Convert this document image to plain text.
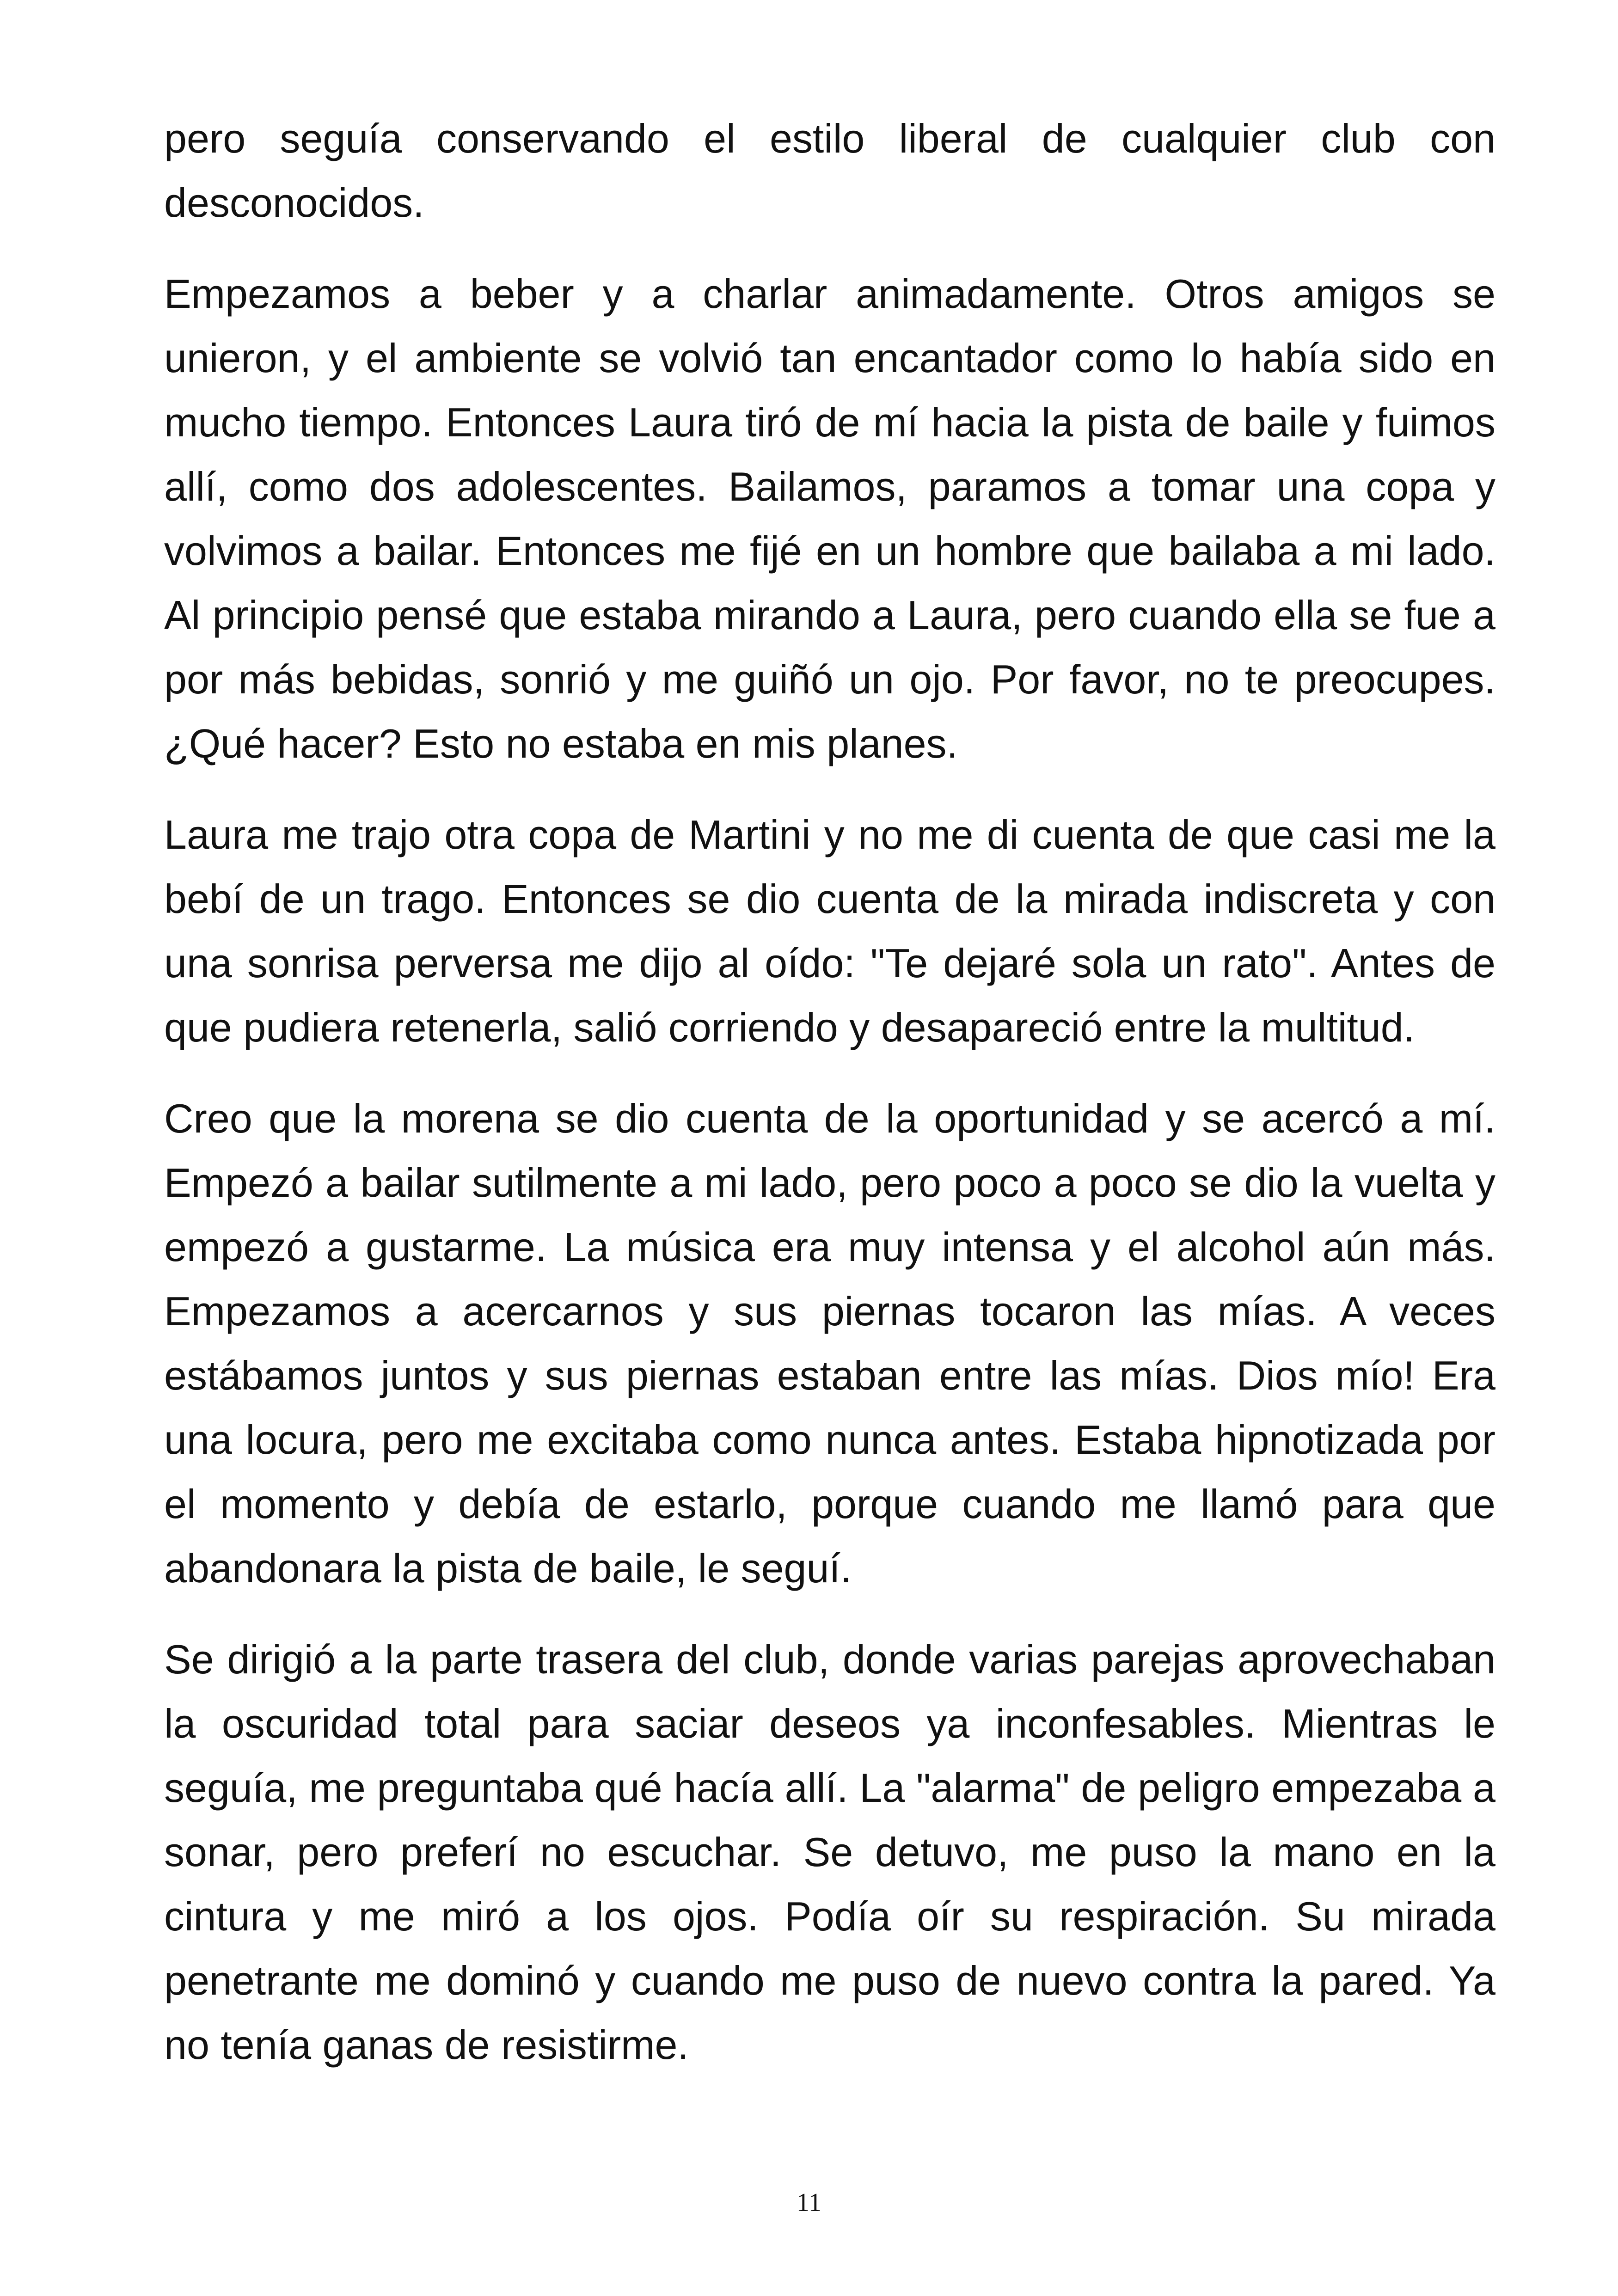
pero seguía conservando el estilo liberal de cualquier club con desconocidos.

Empezamos a beber y a charlar animadamente. Otros amigos se unieron, y el ambiente se volvió tan encantador como lo había sido en mucho tiempo. Entonces Laura tiró de mí hacia la pista de baile y fuimos allí, como dos adolescentes. Bailamos, paramos a tomar una copa y volvimos a bailar. Entonces me fijé en un hombre que bailaba a mi lado. Al principio pensé que estaba mirando a Laura, pero cuando ella se fue a por más bebidas, sonrió y me guiñó un ojo. Por favor, no te preocupes. ¿Qué hacer? Esto no estaba en mis planes.

Laura me trajo otra copa de Martini y no me di cuenta de que casi me la bebí de un trago. Entonces se dio cuenta de la mirada indiscreta y con una sonrisa perversa me dijo al oído: "Te dejaré sola un rato". Antes de que pudiera retenerla, salió corriendo y desapareció entre la multitud.

Creo que la morena se dio cuenta de la oportunidad y se acercó a mí. Empezó a bailar sutilmente a mi lado, pero poco a poco se dio la vuelta y empezó a gustarme. La música era muy intensa y el alcohol aún más. Empezamos a acercarnos y sus piernas tocaron las mías. A veces estábamos juntos y sus piernas estaban entre las mías. Dios mío! Era una locura, pero me excitaba como nunca antes. Estaba hipnotizada por el momento y debía de estarlo, porque cuando me llamó para que abandonara la pista de baile, le seguí.

Se dirigió a la parte trasera del club, donde varias parejas aprovechaban la oscuridad total para saciar deseos ya inconfesables. Mientras le seguía, me preguntaba qué hacía allí. La "alarma" de peligro empezaba a sonar, pero preferí no escuchar. Se detuvo, me puso la mano en la cintura y me miró a los ojos. Podía oír su respiración. Su mirada penetrante me dominó y cuando me puso de nuevo contra la pared. Ya no tenía ganas de resistirme.

11
